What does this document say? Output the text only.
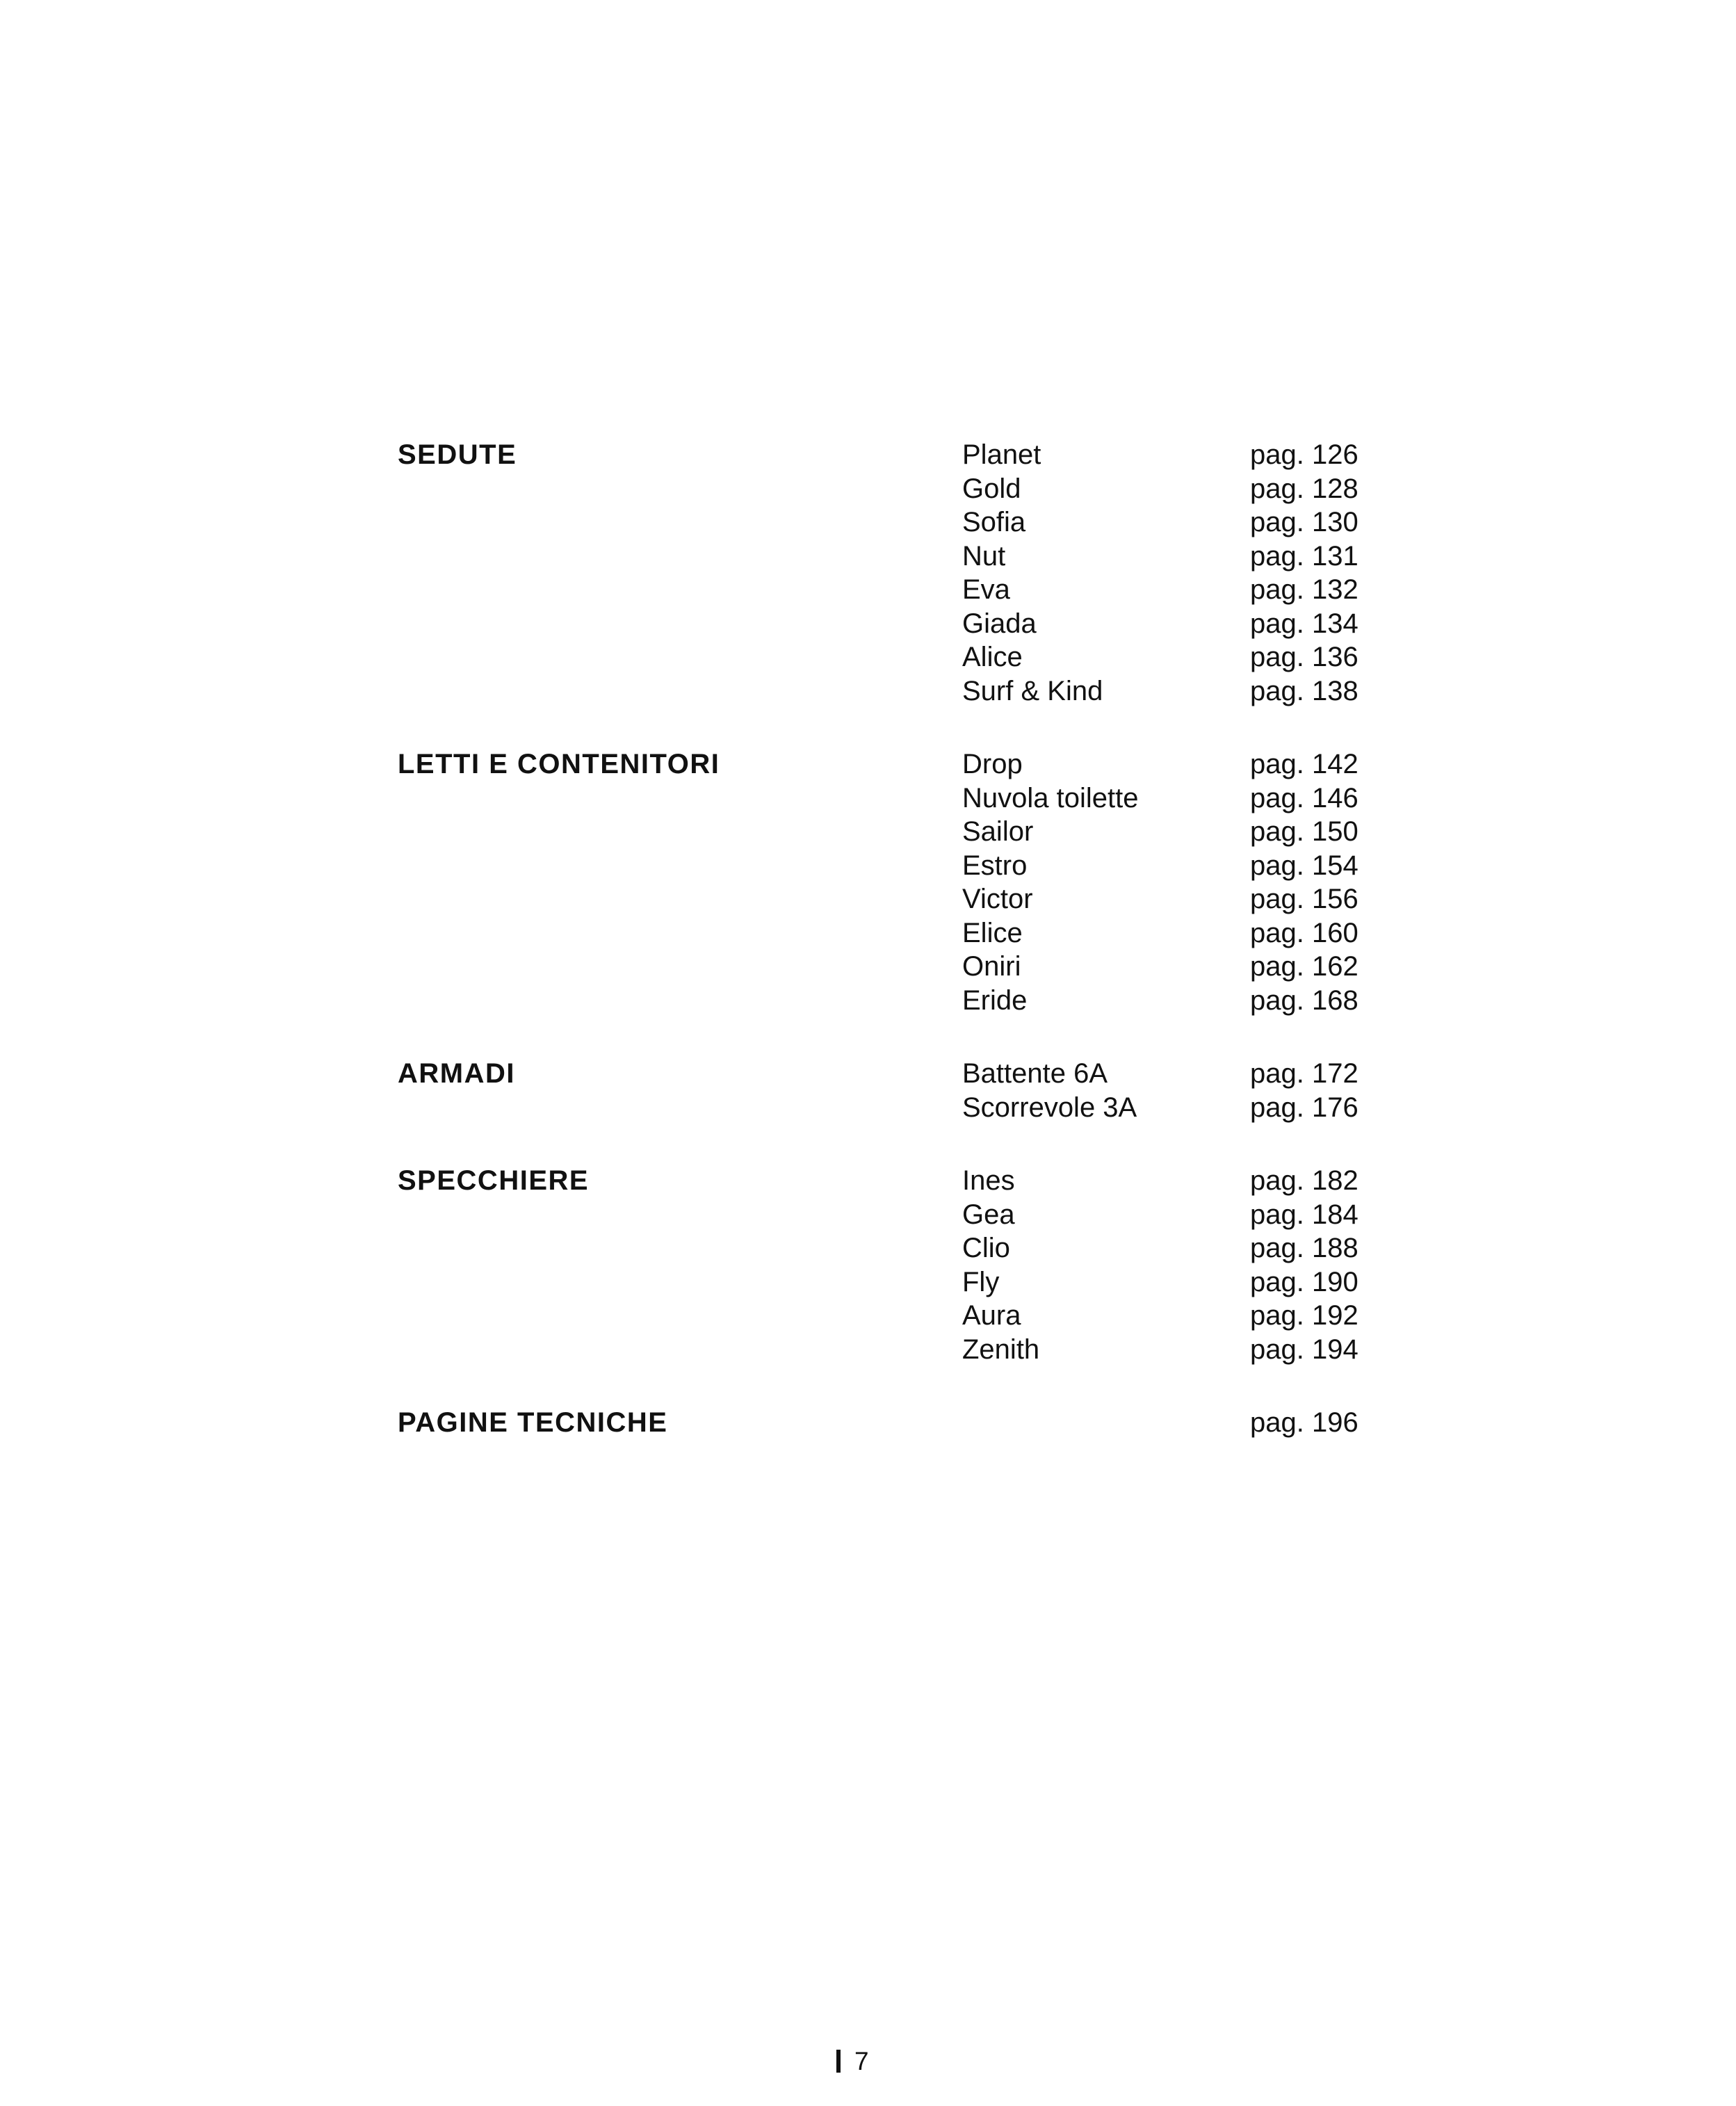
SEDUTE	Planet	pag. 126
Gold	pag. 128
Sofia	pag. 130
Nut	pag. 131
Eva	pag. 132
Giada	pag. 134
Alice	pag. 136
Surf & Kind	pag. 138
LETTI E CONTENITORI	Drop	pag. 142
Nuvola toilette	pag. 146
Sailor	pag. 150
Estro	pag. 154
Victor	pag. 156
Elice	pag. 160
Oniri	pag. 162
Eride	pag. 168
ARMADI	Battente 6A	pag. 172
Scorrevole 3A	pag. 176
SPECCHIERE	Ines	pag. 182
Gea	pag. 184
Clio	pag. 188
Fly	pag. 190
Aura	pag. 192
Zenith	pag. 194
PAGINE TECNICHE	pag. 196
7
